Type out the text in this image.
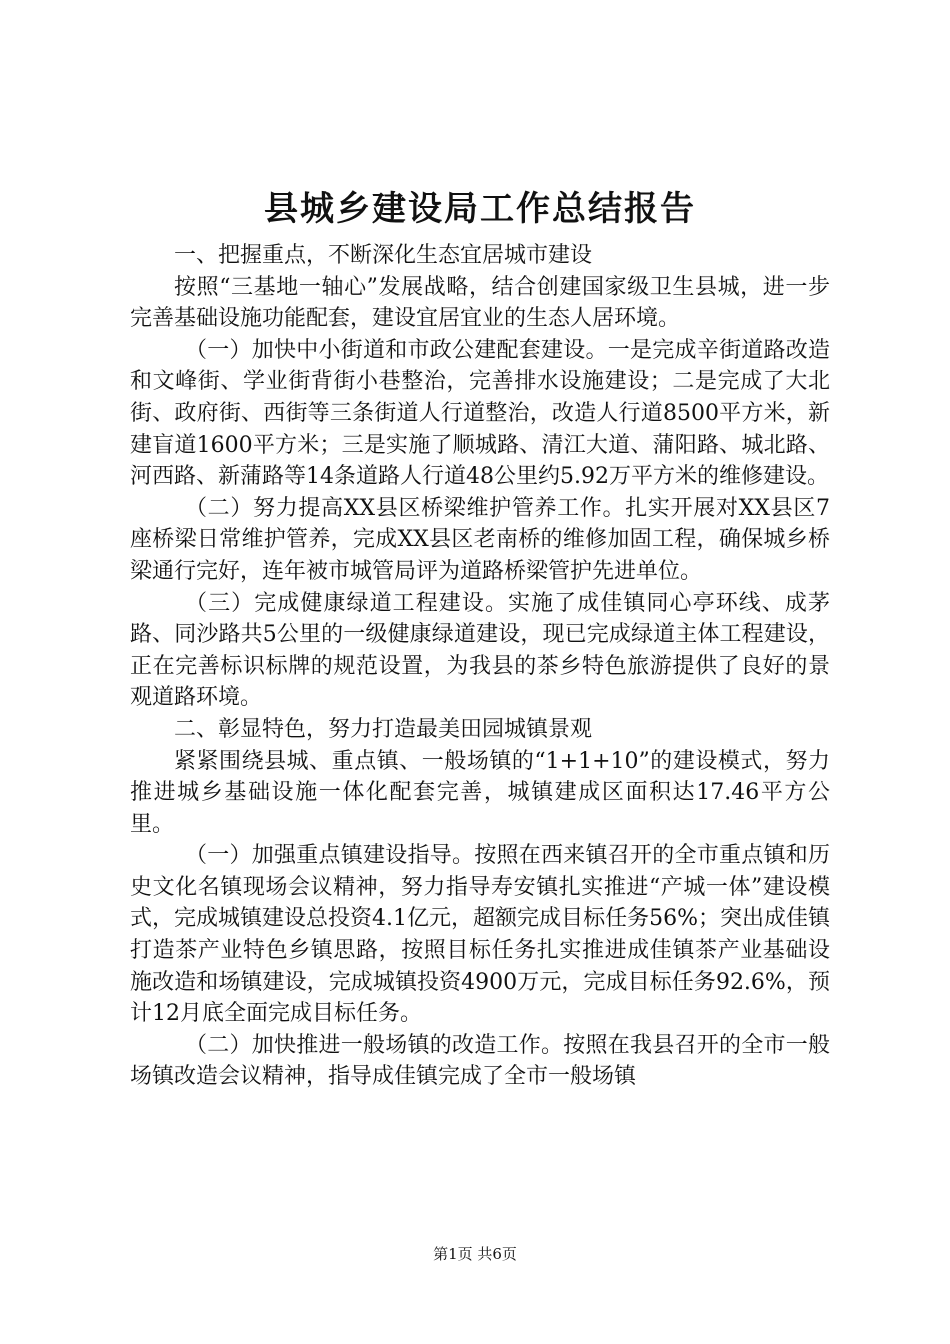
县城乡建设局工作总结报告

一、把握重点，不断深化生态宜居城市建设

按照“三基地一轴心”发展战略，结合创建国家级卫生县城，进一步完善基础设施功能配套，建设宜居宜业的生态人居环境。

（一）加快中小街道和市政公建配套建设。一是完成辛街道路改造和文峰街、学业街背街小巷整治，完善排水设施建设；二是完成了大北街、政府街、西街等三条街道人行道整治，改造人行道8500平方米，新建盲道1600平方米；三是实施了顺城路、清江大道、蒲阳路、城北路、河西路、新蒲路等14条道路人行道48公里约5.92万平方米的维修建设。

（二）努力提高XX县区桥梁维护管养工作。扎实开展对XX县区7座桥梁日常维护管养，完成XX县区老南桥的维修加固工程，确保城乡桥梁通行完好，连年被市城管局评为道路桥梁管护先进单位。

（三）完成健康绿道工程建设。实施了成佳镇同心亭环线、成茅路、同沙路共5公里的一级健康绿道建设，现已完成绿道主体工程建设，正在完善标识标牌的规范设置，为我县的茶乡特色旅游提供了良好的景观道路环境。

二、彰显特色，努力打造最美田园城镇景观

紧紧围绕县城、重点镇、一般场镇的“1+1+10”的建设模式，努力推进城乡基础设施一体化配套完善，城镇建成区面积达17.46平方公里。

（一）加强重点镇建设指导。按照在西来镇召开的全市重点镇和历史文化名镇现场会议精神，努力指导寿安镇扎实推进“产城一体”建设模式，完成城镇建设总投资4.1亿元，超额完成目标任务56%；突出成佳镇打造茶产业特色乡镇思路，按照目标任务扎实推进成佳镇茶产业基础设施改造和场镇建设，完成城镇投资4900万元，完成目标任务92.6%，预计12月底全面完成目标任务。

（二）加快推进一般场镇的改造工作。按照在我县召开的全市一般场镇改造会议精神，指导成佳镇完成了全市一般场镇

第1页 共6页
